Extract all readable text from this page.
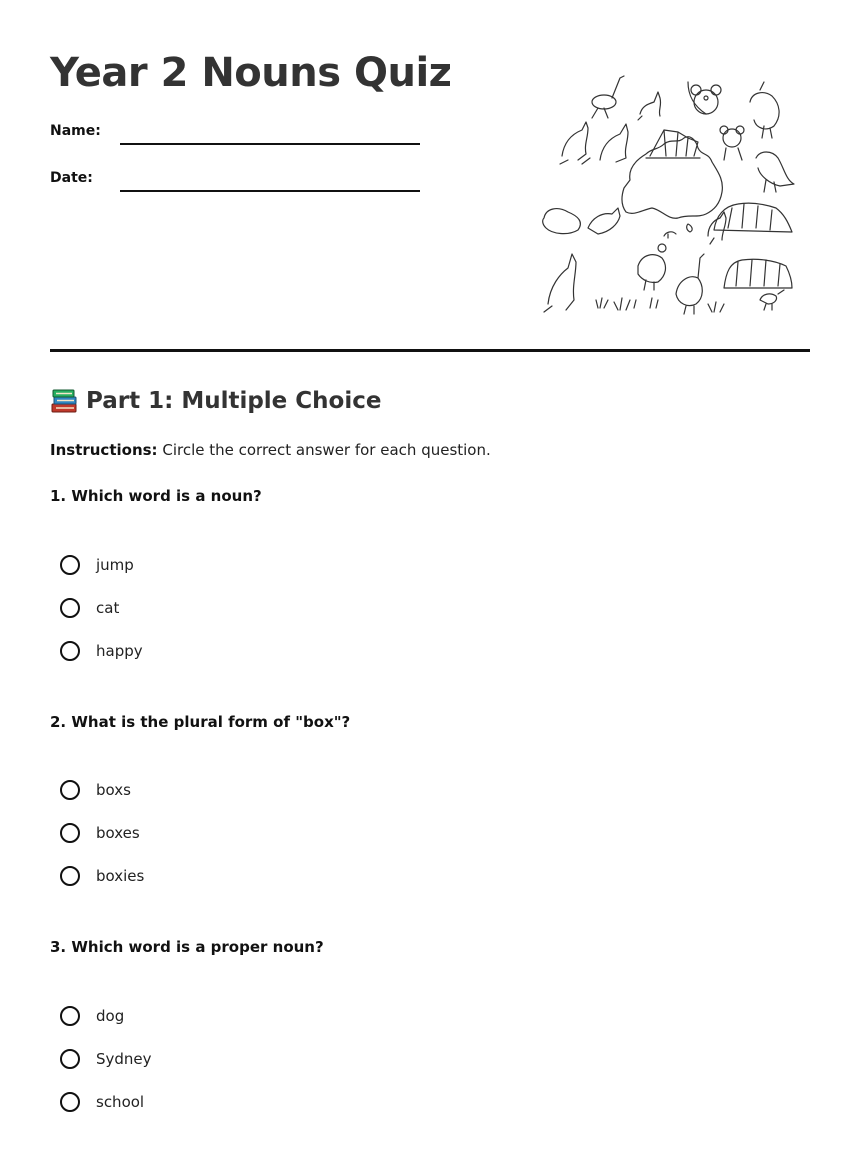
Year 2 Nouns Quiz
Name:
Date:
Part 1: Multiple Choice
Instructions: Circle the correct answer for each question.
1. Which word is a noun?
jump
cat
happy
2. What is the plural form of "box"?
boxs
boxes
boxies
3. Which word is a proper noun?
dog
Sydney
school
